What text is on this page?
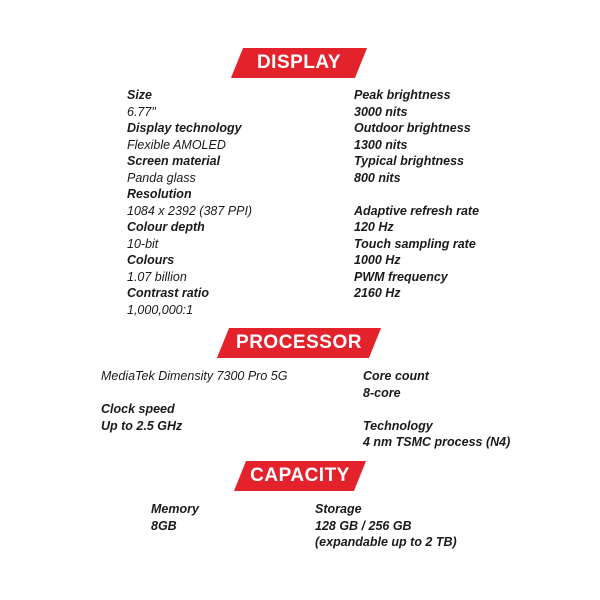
DISPLAY
Size
6.77"
Display technology
Flexible AMOLED
Screen material
Panda glass
Resolution
1084 x 2392 (387 PPI)
Colour depth
10-bit
Colours
1.07 billion
Contrast ratio
1,000,000:1
Peak brightness
3000 nits
Outdoor brightness
1300 nits
Typical brightness
800 nits
Adaptive refresh rate
120 Hz
Touch sampling rate
1000 Hz
PWM frequency
2160 Hz
PROCESSOR
MediaTek Dimensity 7300 Pro 5G
Clock speed
Up to 2.5 GHz
Core count
8-core
Technology
4 nm TSMC process (N4)
CAPACITY
Memory
8GB
Storage
128 GB / 256 GB
(expandable up to 2 TB)
